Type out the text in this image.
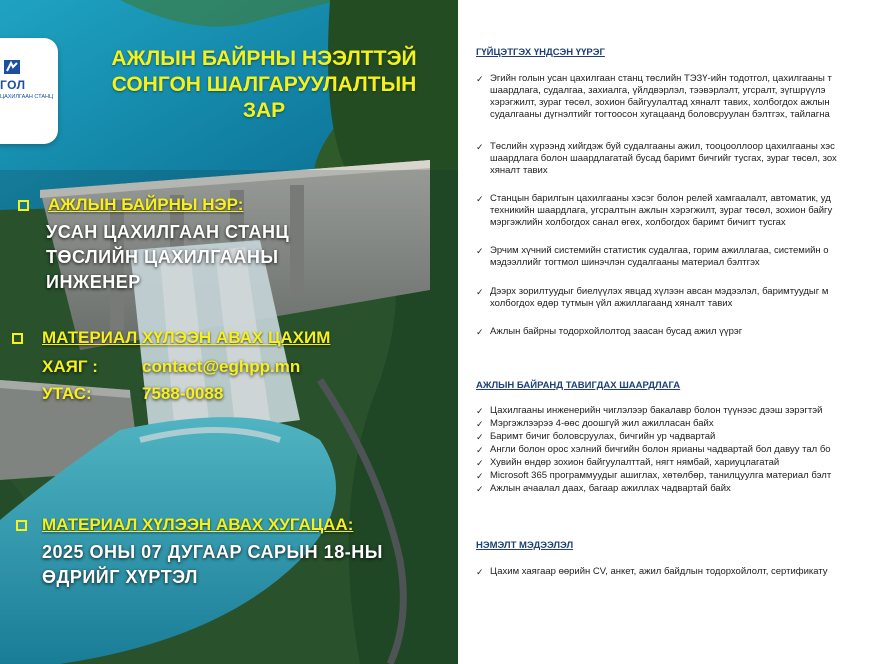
ГОЛ
ЦАХИЛГААН СТАНЦ
АЖЛЫН БАЙРНЫ НЭЭЛТТЭЙ
СОНГОН ШАЛГАРУУЛАЛТЫН
ЗАР
АЖЛЫН БАЙРНЫ НЭР:
УСАН ЦАХИЛГААН СТАНЦ
ТӨСЛИЙН ЦАХИЛГААНЫ
ИНЖЕНЕР
МАТЕРИАЛ ХҮЛЭЭН АВАХ ЦАХИМ
ХАЯГ :	contact@eghpp.mn
УТАС:	7588-0088
МАТЕРИАЛ ХҮЛЭЭН АВАХ ХУГАЦАА:
2025 ОНЫ 07 ДУГААР САРЫН 18-НЫ
ӨДРИЙГ ХҮРТЭЛ
ГҮЙЦЭТГЭХ ҮНДСЭН ҮҮРЭГ
✓ Эгийн голын усан цахилгаан станц төслийн ТЭЗҮ-ийн тодотгол, цахилгааны т
шаардлага, судалгаа, захиалга, үйлдвэрлэл, тээвэрлэлт, угсралт, зүгшрүүлэ
хэрэгжилт, зураг төсөл, зохион байгуулалтад хяналт тавих, холбогдох ажлын
судалгааны дүгнэлтийг тогтоосон хугацаанд боловсруулан бэлтгэх, тайлагна
✓ Төслийн хүрээнд хийгдэж буй судалгааны ажил, тооцооллоор цахилгааны хэс
шаардлага болон шаардлагатай бусад баримт бичгийг тусгах, зураг төсөл, зох
хяналт тавих
✓ Станцын барилгын цахилгааны хэсэг болон релей хамгаалалт, автоматик, уд
техникийн шаардлага, угсралтын ажлын хэрэгжилт, зураг төсөл, зохион байгу
мэргэжлийн холбогдох санал өгөх, холбогдох баримт бичигт тусгах
✓ Эрчим хүчний системийн статистик судалгаа, горим ажиллагаа, системийн о
мэдээллийг тогтмол шинэчлэн судалгааны материал бэлтгэх
✓ Дээрх зорилтуудыг биелүүлэх явцад хүлээн авсан мэдээлэл, баримтуудыг м
холбогдох өдөр тутмын үйл ажиллагаанд хяналт тавих
✓ Ажлын байрны тодорхойлолтод заасан бусад ажил үүрэг
АЖЛЫН БАЙРАНД ТАВИГДАХ ШААРДЛАГА
✓ Цахилгааны инженерийн чиглэлээр бакалавр болон түүнээс дээш зэрэгтэй
✓ Мэргэжлээрээ 4-өөс доошгүй жил ажилласан байх
✓ Баримт бичиг боловсруулах, бичгийн ур чадвартай
✓ Англи болон орос хэлний бичгийн болон ярианы чадвартай бол давуу тал бо
✓ Хувийн өндөр зохион байгуулалттай, нягт нямбай, хариуцлагатай
✓ Microsoft 365 программуудыг ашиглах, хөтөлбөр, танилцуулга материал бэлт
✓ Ажлын ачаалал даах, багаар ажиллах чадвартай байх
НЭМЭЛТ МЭДЭЭЛЭЛ
✓ Цахим хаягаар өөрийн CV, анкет, ажил байдлын тодорхойлолт, сертификату
